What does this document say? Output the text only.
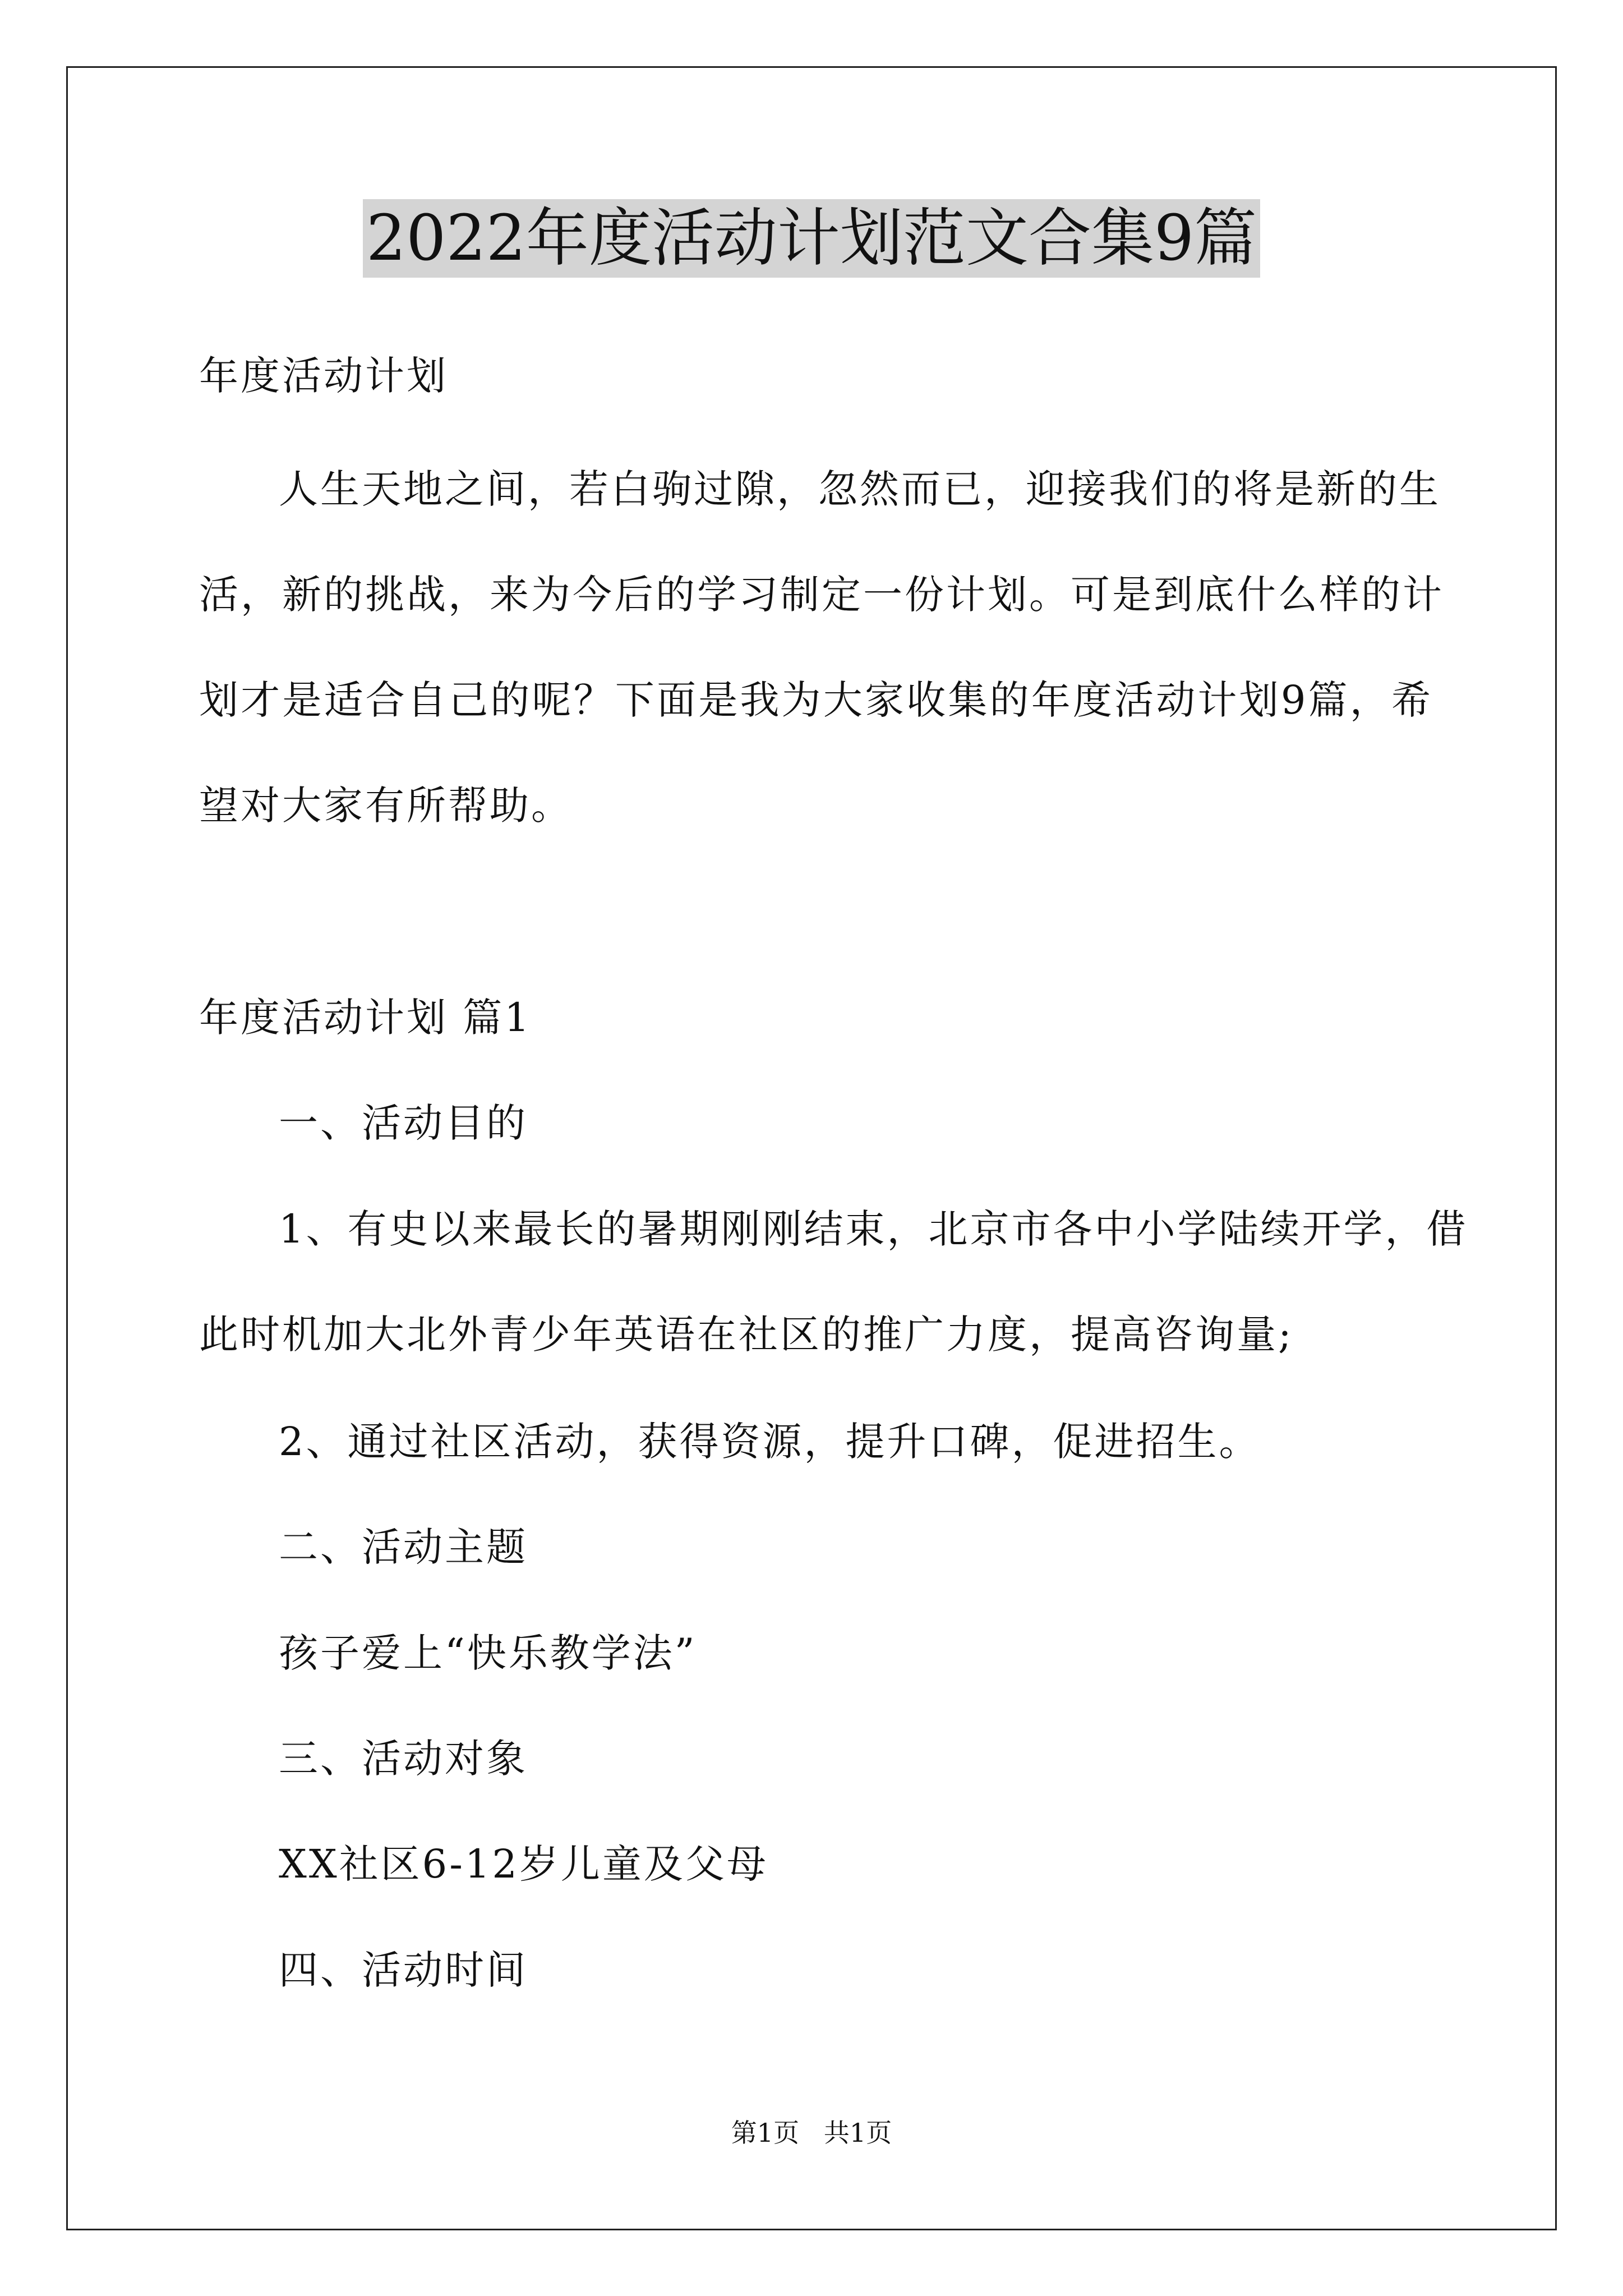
2022年度活动计划范文合集9篇
年度活动计划
人生天地之间，若白驹过隙，忽然而已，迎接我们的将是新的生
活，新的挑战，来为今后的学习制定一份计划。可是到底什么样的计
划才是适合自己的呢？下面是我为大家收集的年度活动计划9篇，希
望对大家有所帮助。
年度活动计划 篇1
一、活动目的
1、有史以来最长的暑期刚刚结束，北京市各中小学陆续开学，借
此时机加大北外青少年英语在社区的推广力度，提高咨询量;
2、通过社区活动，获得资源，提升口碑，促进招生。
二、活动主题
孩子爱上“快乐教学法”
三、活动对象
XX社区6-12岁儿童及父母
四、活动时间
第1页   共1页
